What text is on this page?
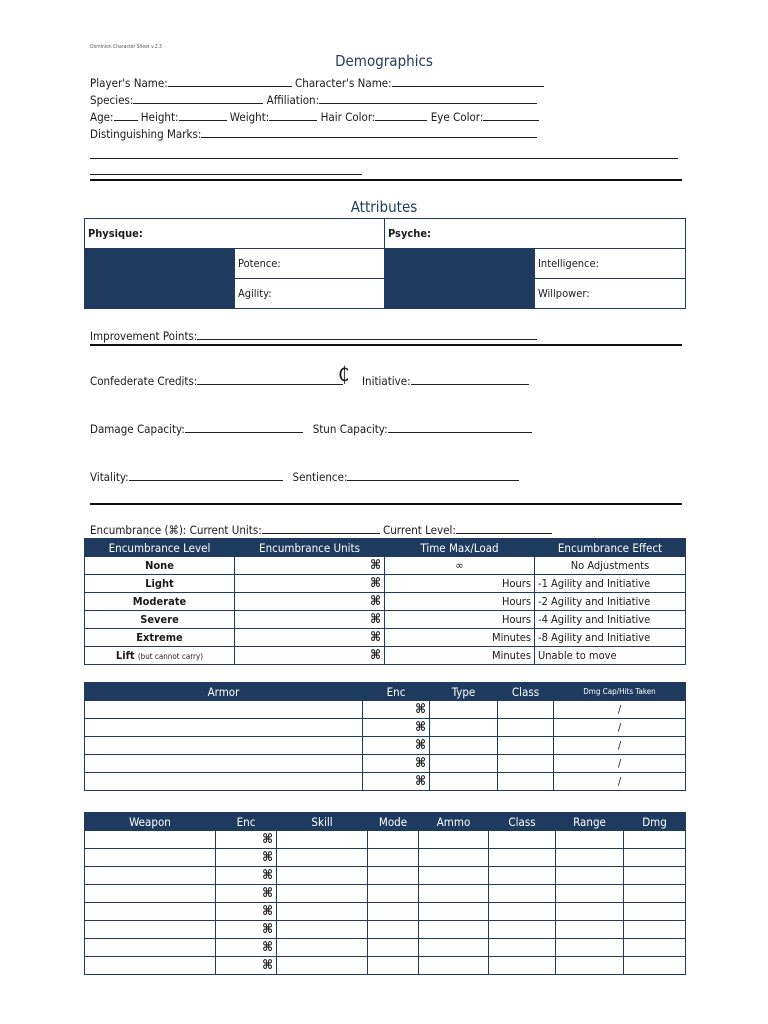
Dominion Character Sheet v.2.3
Demographics
Player's Name:	Character's Name:
Species:	Affiliation:
Age: Height:	Weight:	Hair Color:	Eye Color:
Distinguishing Marks:
Attributes
Physique:		Psyche:	
	Potence:		Intelligence:
	Agility:		Willpower:
Improvement Points:
Confederate Credits:	₵ Initiative:
Damage Capacity:	Stun Capacity:
Vitality:	Sentience:
Encumbrance (⌘): Current Units:	Current Level:
Encumbrance Level	Encumbrance Units	Time Max/Load	Encumbrance Effect
None	⌘	∞	No Adjustments
Light	⌘	Hours	-1 Agility and Initiative
Moderate	⌘	Hours	-2 Agility and Initiative
Severe	⌘	Hours	-4 Agility and Initiative
Extreme	⌘	Minutes	-8 Agility and Initiative
Lift (but cannot carry)	⌘	Minutes	Unable to move
Armor	Enc	Type	Class	Dmg Cap/Hits Taken
	⌘			/
	⌘			/
	⌘			/
	⌘			/
	⌘			/
Weapon	Enc	Skill	Mode	Ammo	Class	Range	Dmg
	⌘						
	⌘						
	⌘						
	⌘						
	⌘						
	⌘						
	⌘						
	⌘						
